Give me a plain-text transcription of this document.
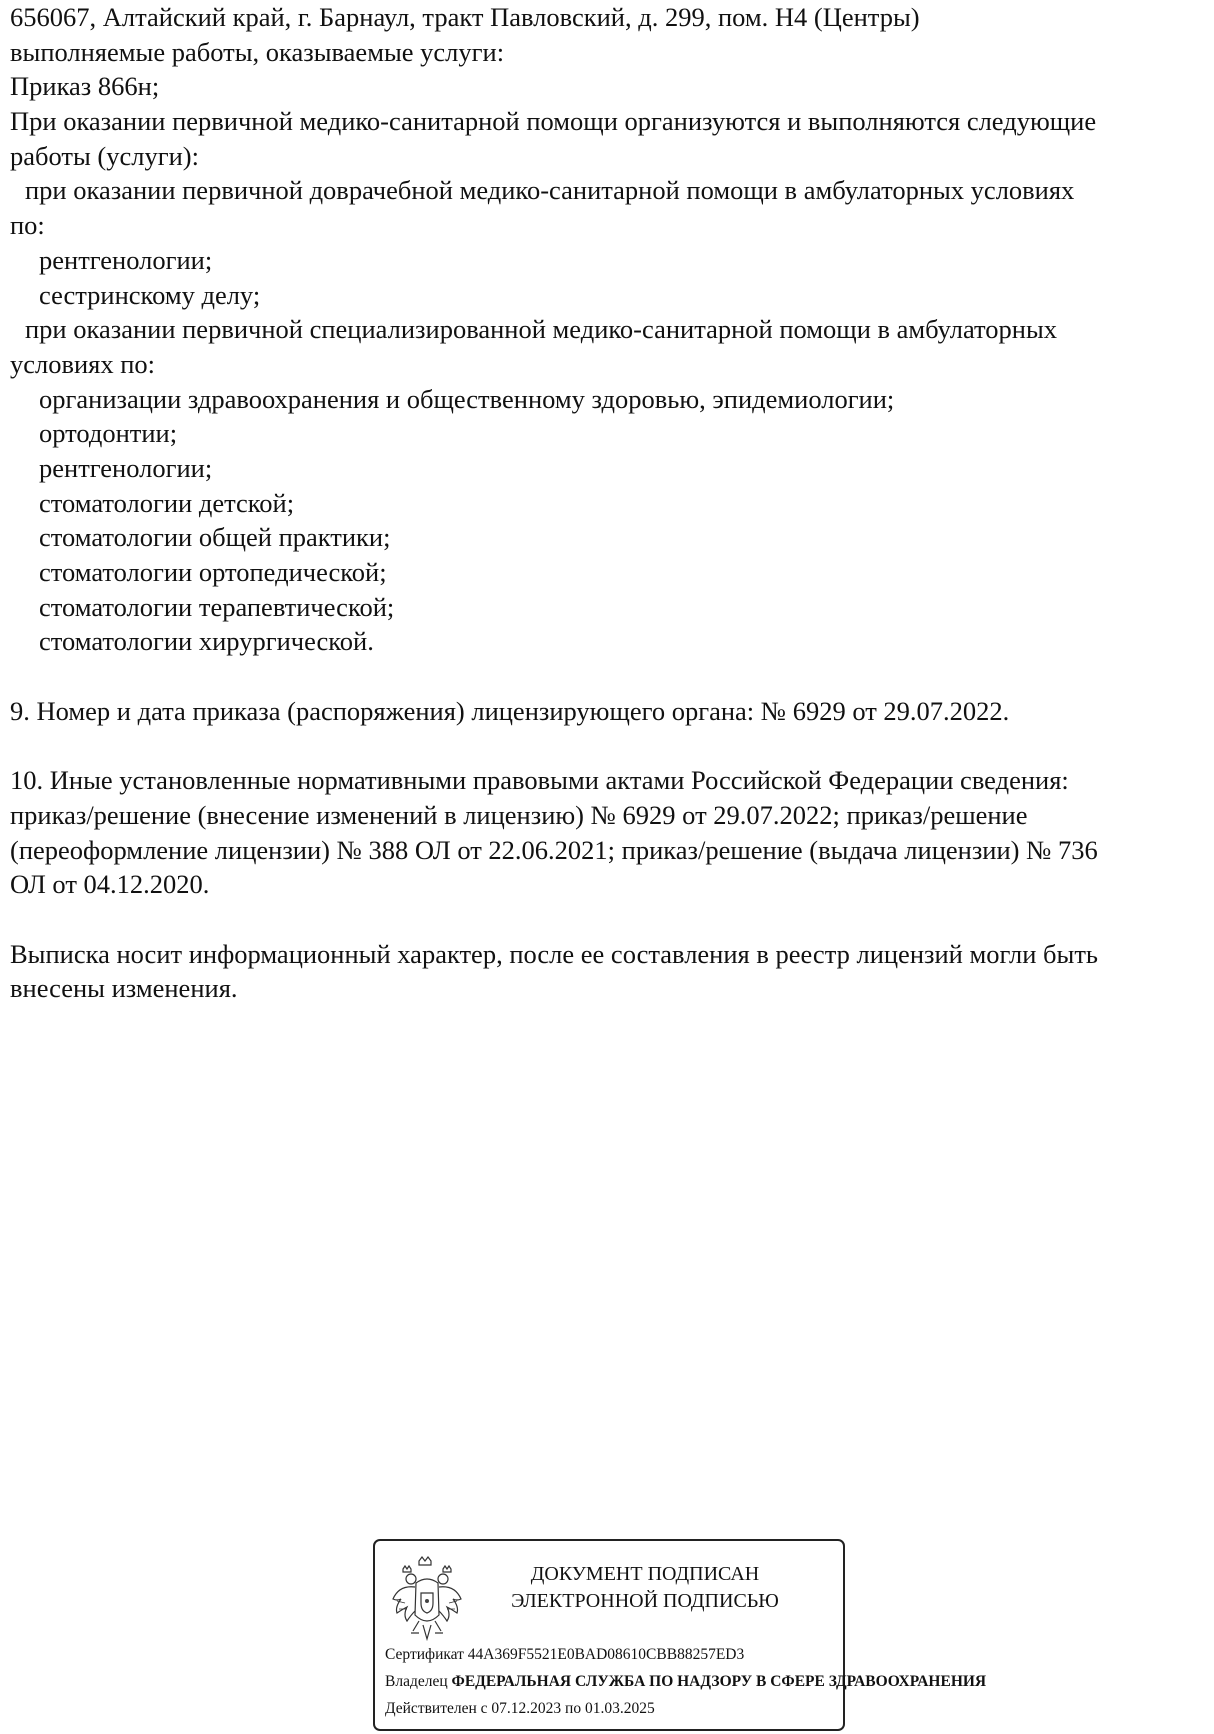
656067, Алтайский край, г. Барнаул, тракт Павловский, д. 299, пом. Н4 (Центры)
выполняемые работы, оказываемые услуги:
Приказ 866н;
При оказании первичной медико-санитарной помощи организуются и выполняются следующие
работы (услуги):
при оказании первичной доврачебной медико-санитарной помощи в амбулаторных условиях
по:
рентгенологии;
сестринскому делу;
при оказании первичной специализированной медико-санитарной помощи в амбулаторных
условиях по:
организации здравоохранения и общественному здоровью, эпидемиологии;
ортодонтии;
рентгенологии;
стоматологии детской;
стоматологии общей практики;
стоматологии ортопедической;
стоматологии терапевтической;
стоматологии хирургической.
9. Номер и дата приказа (распоряжения) лицензирующего органа: № 6929 от 29.07.2022.
10. Иные установленные нормативными правовыми актами Российской Федерации сведения:
приказ/решение (внесение изменений в лицензию) № 6929 от 29.07.2022; приказ/решение
(переоформление лицензии) № 388 ОЛ от 22.06.2021; приказ/решение (выдача лицензии) № 736
ОЛ от 04.12.2020.
Выписка носит информационный характер, после ее составления в реестр лицензий могли быть
внесены изменения.
ДОКУМЕНТ ПОДПИСАН
ЭЛЕКТРОННОЙ ПОДПИСЬЮ
Сертификат 44A369F5521E0BAD08610CBB88257ED3
Владелец ФЕДЕРАЛЬНАЯ СЛУЖБА ПО НАДЗОРУ В СФЕРЕ ЗДРАВООХРАНЕНИЯ
Действителен с 07.12.2023 по 01.03.2025
